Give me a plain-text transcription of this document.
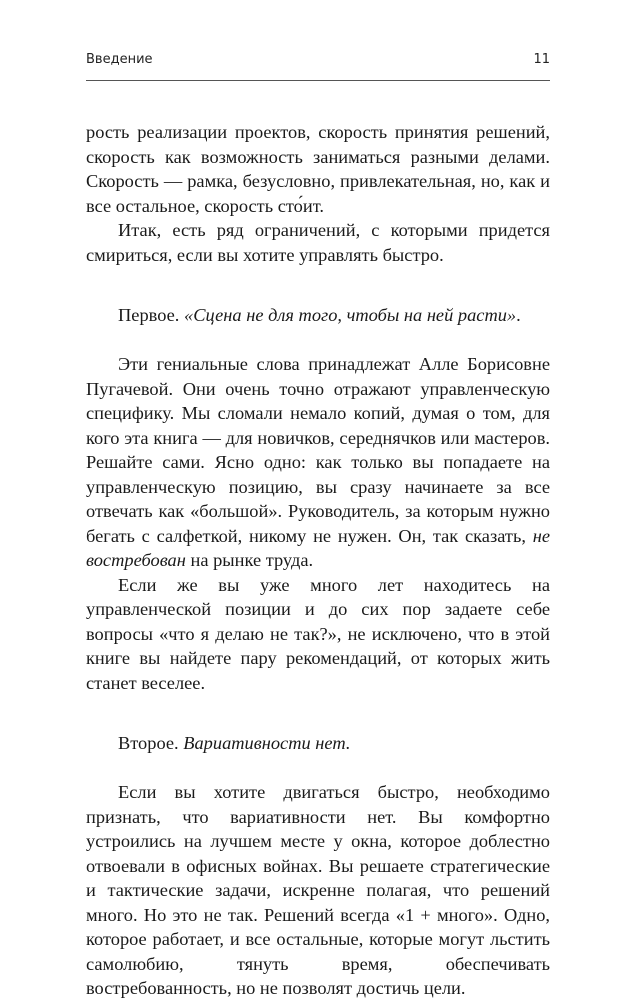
Введение	11

рость реализации проектов, скорость принятия решений, скорость как возможность заниматься разными делами. Скорость — рамка, безусловно, привлекательная, но, как и все остальное, скорость сто́ит.

Итак, есть ряд ограничений, с которыми придется смириться, если вы хотите управлять быстро.

Первое. «Сцена не для того, чтобы на ней расти».

Эти гениальные слова принадлежат Алле Борисовне Пугачевой. Они очень точно отражают управленческую специфику. Мы сломали немало копий, думая о том, для кого эта книга — для новичков, середнячков или мастеров. Решайте сами. Ясно одно: как только вы попадаете на управленческую позицию, вы сразу начинаете за все отвечать как «большой». Руководитель, за которым нужно бегать с салфеткой, никому не нужен. Он, так сказать, не востребован на рынке труда.

Если же вы уже много лет находитесь на управленческой позиции и до сих пор задаете себе вопросы «что я делаю не так?», не исключено, что в этой книге вы найдете пару рекомендаций, от которых жить станет веселее.

Второе. Вариативности нет.

Если вы хотите двигаться быстро, необходимо признать, что вариативности нет. Вы комфортно устроились на лучшем месте у окна, которое доблестно отвоевали в офисных войнах. Вы решаете стратегические и тактические задачи, искренне полагая, что решений много. Но это не так. Решений всегда «1 + много». Одно, которое работает, и все остальные, которые могут льстить самолюбию, тянуть время, обеспечивать востребованность, но не позволят достичь цели.
